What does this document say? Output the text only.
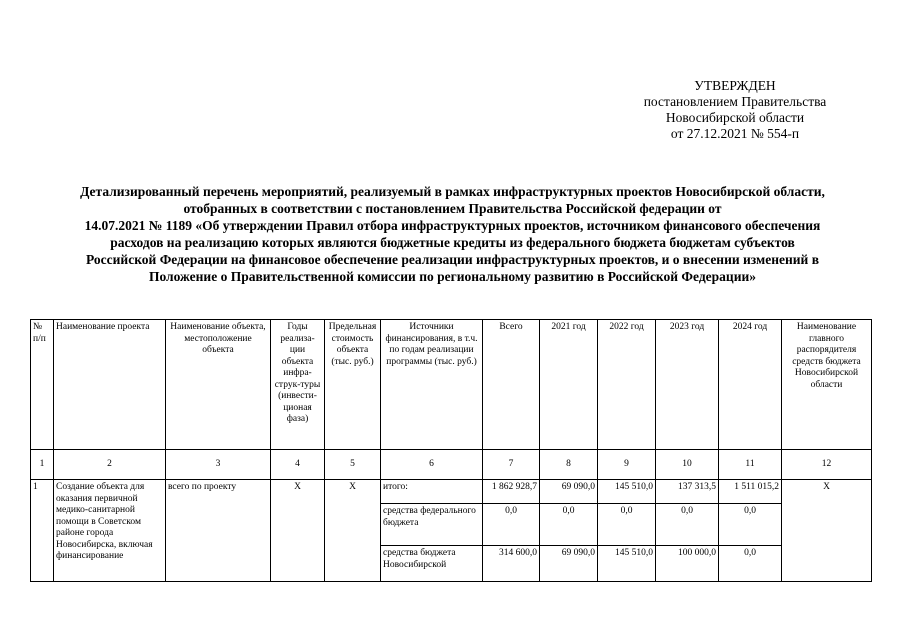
УТВЕРЖДЕН
постановлением Правительства
Новосибирской области
от 27.12.2021 № 554-п
Детализированный перечень мероприятий, реализуемый в рамках инфраструктурных проектов Новосибирской области,
отобранных в соответствии с постановлением Правительства Российской федерации от
14.07.2021 № 1189 «Об утверждении Правил отбора инфраструктурных проектов, источником финансового обеспечения
расходов на реализацию которых являются бюджетные кредиты из федерального бюджета бюджетам субъектов
Российской Федерации на финансовое обеспечение реализации инфраструктурных проектов, и о внесении изменений в
Положение о Правительственной комиссии по региональному развитию в Российской Федерации»
№ п/п	Наименование проекта	Наименование объекта, местоположение объекта	Годы реализа-ции объекта инфра-струк-туры (инвести-ционая фаза)	Предельная стоимость объекта (тыс. руб.)	Источники финансирования, в т.ч. по годам реализации программы (тыс. руб.)	Всего	2021 год	2022 год	2023 год	2024 год	Наименование главного распорядителя средств бюджета Новосибирской области
1	2	3	4	5	6	7	8	9	10	11	12
1	Создание объекта для оказания первичной медико-санитарной помощи в Советском районе города Новосибирска, включая финансирование	всего по проекту	X	X	итого:	1 862 928,7	69 090,0	145 510,0	137 313,5	1 511 015,2	X
					средства федерального бюджета	0,0	0,0	0,0	0,0	0,0	
					средства бюджета Новосибирской	314 600,0	69 090,0	145 510,0	100 000,0	0,0	
